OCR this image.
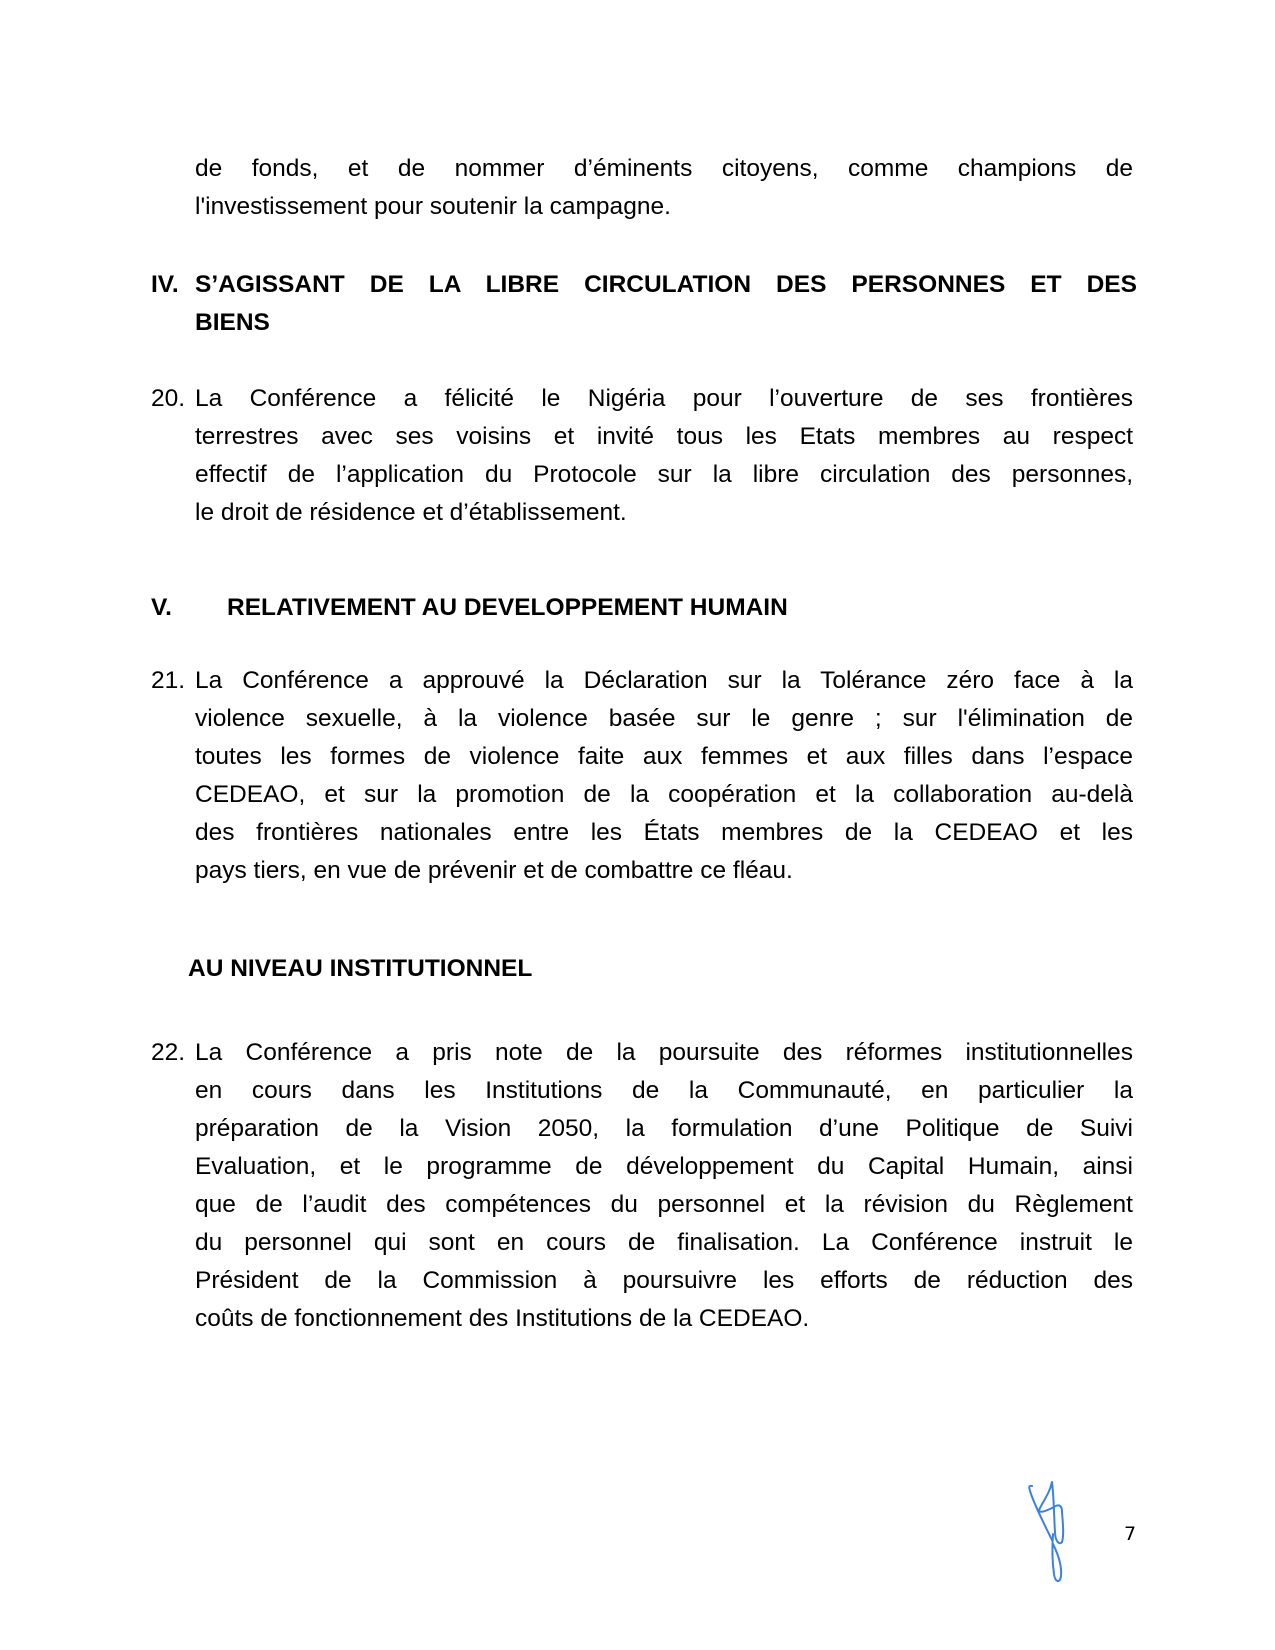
de fonds, et de nommer d’éminents citoyens, comme champions de
l'investissement pour soutenir la campagne.
IV. S’AGISSANT DE LA LIBRE CIRCULATION DES PERSONNES ET DES
BIENS
20. La Conférence a félicité le Nigéria pour l’ouverture de ses frontières
terrestres avec ses voisins et invité tous les Etats membres au respect
effectif de l’application du Protocole sur la libre circulation des personnes,
le droit de résidence et d’établissement.
V. RELATIVEMENT AU DEVELOPPEMENT HUMAIN
21. La Conférence a approuvé la Déclaration sur la Tolérance zéro face à la
violence sexuelle, à la violence basée sur le genre ; sur l'élimination de
toutes les formes de violence faite aux femmes et aux filles dans l’espace
CEDEAO, et sur la promotion de la coopération et la collaboration au-delà
des frontières nationales entre les États membres de la CEDEAO et les
pays tiers, en vue de prévenir et de combattre ce fléau.
AU NIVEAU INSTITUTIONNEL
22. La Conférence a pris note de la poursuite des réformes institutionnelles
en cours dans les Institutions de la Communauté, en particulier la
préparation de la Vision 2050, la formulation d’une Politique de Suivi
Evaluation, et le programme de développement du Capital Humain, ainsi
que de l’audit des compétences du personnel et la révision du Règlement
du personnel qui sont en cours de finalisation. La Conférence instruit le
Président de la Commission à poursuivre les efforts de réduction des
coûts de fonctionnement des Institutions de la CEDEAO.
7
